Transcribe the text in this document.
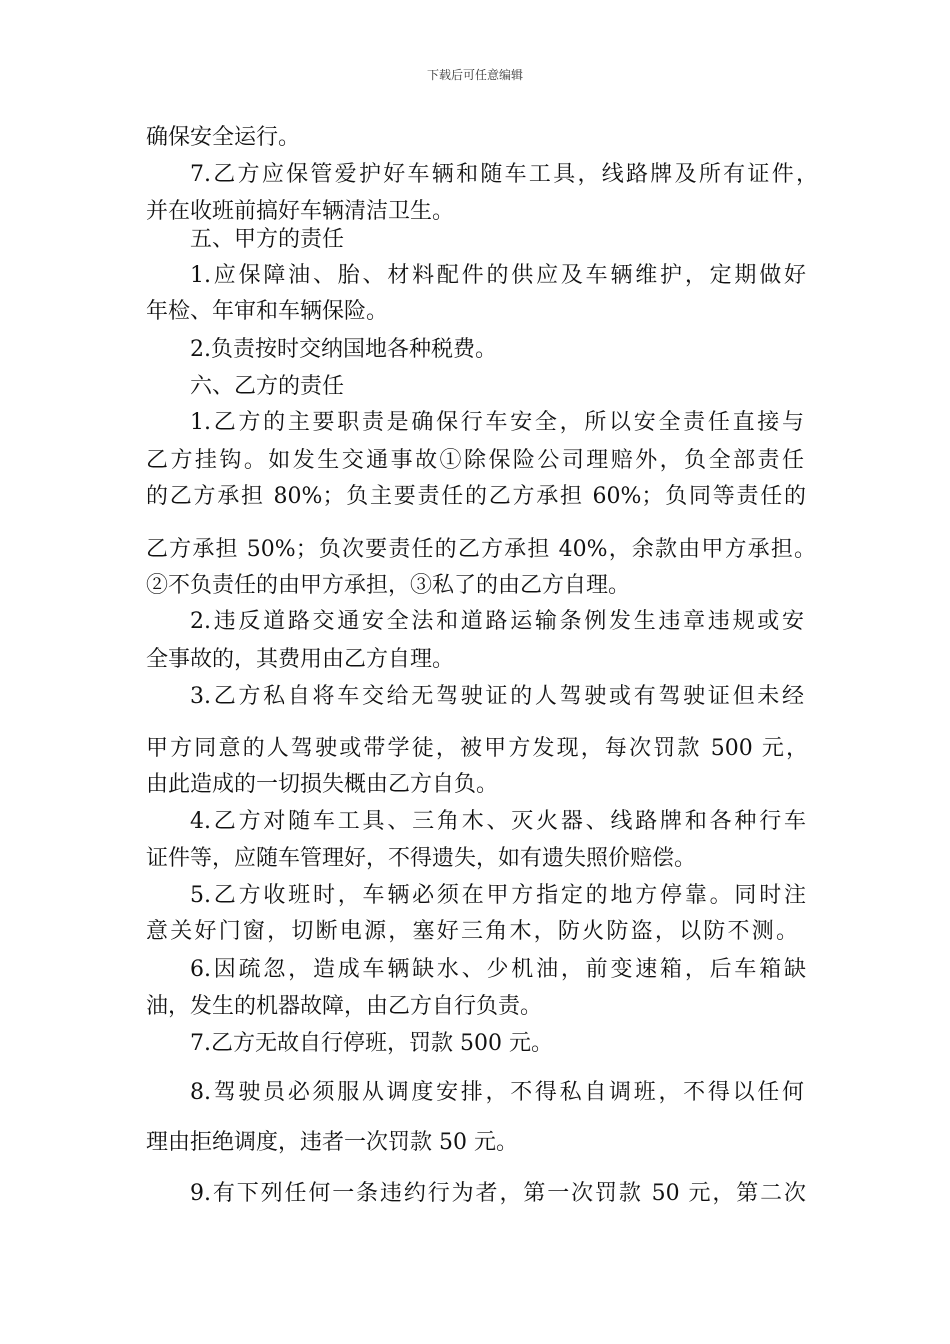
下载后可任意编辑
确保安全运行。
7.乙方应保管爱护好车辆和随车工具，线路牌及所有证件，
并在收班前搞好车辆清洁卫生。
五、甲方的责任
1.应保障油、胎、材料配件的供应及车辆维护，定期做好
年检、年审和车辆保险。
2.负责按时交纳国地各种税费。
六、乙方的责任
1.乙方的主要职责是确保行车安全，所以安全责任直接与
乙方挂钩。如发生交通事故①除保险公司理赔外，负全部责任
的乙方承担 80%；负主要责任的乙方承担 60%；负同等责任的
乙方承担 50%；负次要责任的乙方承担 40%，余款由甲方承担。
②不负责任的由甲方承担，③私了的由乙方自理。
2.违反道路交通安全法和道路运输条例发生违章违规或安
全事故的，其费用由乙方自理。
3.乙方私自将车交给无驾驶证的人驾驶或有驾驶证但未经
甲方同意的人驾驶或带学徒，被甲方发现，每次罚款 500 元，
由此造成的一切损失概由乙方自负。
4.乙方对随车工具、三角木、灭火器、线路牌和各种行车
证件等，应随车管理好，不得遗失，如有遗失照价赔偿。
5.乙方收班时，车辆必须在甲方指定的地方停靠。同时注
意关好门窗，切断电源，塞好三角木，防火防盗，以防不测。
6.因疏忽，造成车辆缺水、少机油，前变速箱，后车箱缺
油，发生的机器故障，由乙方自行负责。
7.乙方无故自行停班，罚款 500 元。
8.驾驶员必须服从调度安排，不得私自调班，不得以任何
理由拒绝调度，违者一次罚款 50 元。
9.有下列任何一条违约行为者，第一次罚款 50 元，第二次
